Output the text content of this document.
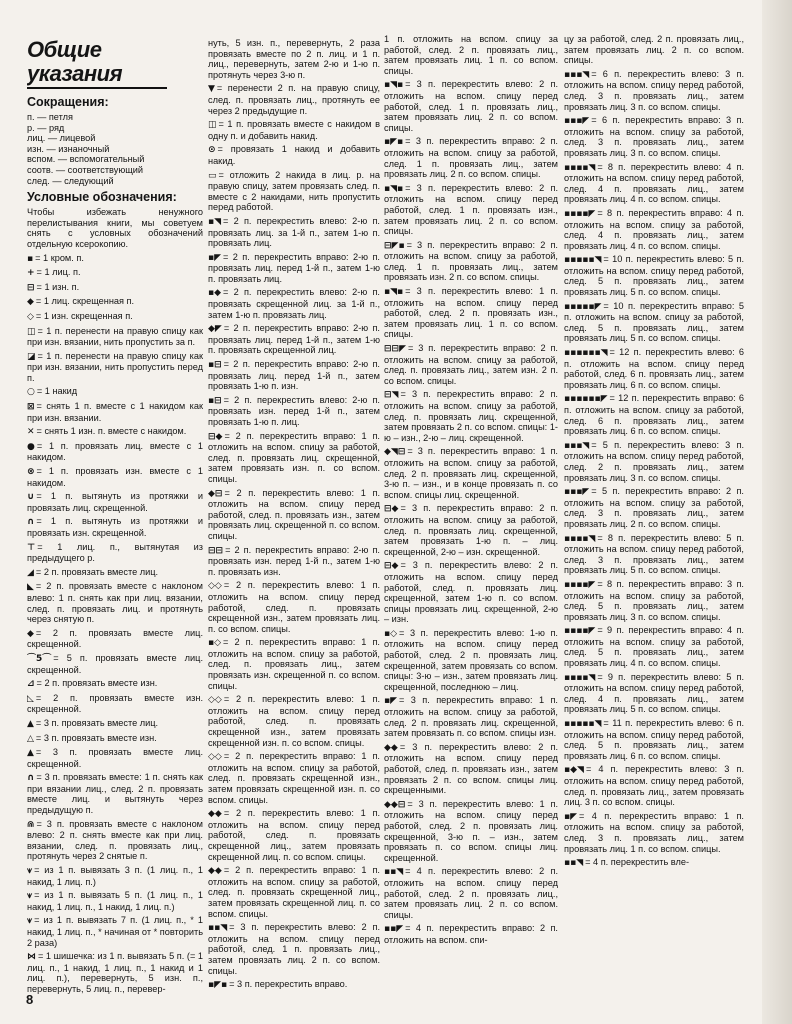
Общие указания
Сокращения:
п. — петля
р. — ряд
лиц. — лицевой
изн. — изнаночный
вспом. — вспомогательный
соотв. — соответствующий
след. — следующий
Условные обозначения:
Чтобы избежать ненужного перелистывания книги, мы советуем снять с условных обозначений отдельную ксерокопию.
▪ = 1 кром. п.
+ = 1 лиц. п.
⊟ = 1 изн. п.
◆ = 1 лиц. скрещенная п.
◇ = 1 изн. скрещенная п.
◫ = 1 п. перенести на правую спицу как при изн. вязании, нить пропустить за п.
◪ = 1 п. перенести на правую спицу как при изн. вязании, нить пропустить перед п.
○ = 1 накид
⊠ = снять 1 п. вместе с 1 накидом как при изн. вязании.
✕ = снять 1 изн. п. вместе с накидом.
● = 1 п. провязать лиц. вместе с 1 накидом.
⊗ = 1 п. провязать изн. вместе с 1 накидом.
∪ = 1 п. вытянуть из протяжки и провязать лиц. скрещенной.
∩ = 1 п. вытянуть из протяжки и провязать изн. скрещенной.
⊤ = 1 лиц. п., вытянутая из предыдущего р.
◢ = 2 п. провязать вместе лиц.
◣ = 2 п. провязать вместе с наклоном влево: 1 п. снять как при лиц. вязании, след. п. провязать лиц. и протянуть через снятую п.
◆ = 2 п. провязать вместе лиц. скрещенной.
⌒5⌒ = 5 п. провязать вместе лиц. скрещенной.
⊿ = 2 п. провязать вместе изн.
◺ = 2 п. провязать вместе изн. скрещенной.
▲ = 3 п. провязать вместе лиц.
△ = 3 п. провязать вместе изн.
▲ = 3 п. провязать вместе лиц. скрещенной.
∩ = 3 п. провязать вместе: 1 п. снять как при вязании лиц., след. 2 п. провязать вместе лиц. и вытянуть через предыдущую п.
⋒ = 3 п. провязать вместе с наклоном влево: 2 п. снять вместе как при лиц. вязании, след. п. провязать лиц., протянуть через 2 снятые п.
⩛ = из 1 п. вывязать 3 п. (1 лиц. п., 1 накид, 1 лиц. п.)
⩛ = из 1 п. вывязать 5 п. (1 лиц. п., 1 накид, 1 лиц. п., 1 накид, 1 лиц. п.)
⩛ = из 1 п. вывязать 7 п. (1 лиц. п., * 1 накид, 1 лиц. п., * начиная от * повторить 2 раза)
⋈ = 1 шишечка: из 1 п. вывязать 5 п. (= 1 лиц. п., 1 накид, 1 лиц. п., 1 накид и 1 лиц. п.), перевернуть, 5 изн. п., перевернуть, 5 лиц. п., перевер-
нуть, 5 изн. п., перевернуть, 2 раза провязать вместе по 2 п. лиц. и 1 п. лиц., перевернуть, затем 2-ю и 1-ю п. протянуть через 3-ю п.
▼ = перенести 2 п. на правую спицу, след. п. провязать лиц., протянуть ее через 2 предыдущие п.
◫ = 1 п. провязать вместе с накидом в одну п. и добавить накид.
⊙ = провязать 1 накид и добавить накид.
▭ = отложить 2 накида в лиц. р. на правую спицу, затем провязать след. п. вместе с 2 накидами, нить пропустить перед работой.
▪◥ = 2 п. перекрестить влево: 2-ю п. провязать лиц. за 1-й п., затем 1-ю п. провязать лиц.
▪◤ = 2 п. перекрестить вправо: 2-ю п. провязать лиц. перед 1-й п., затем 1-ю п. провязать лиц.
▪◆ = 2 п. перекрестить влево: 2-ю п. провязать скрещенной лиц. за 1-й п., затем 1-ю п. провязать лиц.
◆◤ = 2 п. перекрестить вправо: 2-ю п. провязать лиц. перед 1-й п., затем 1-ю п. провязать скрещенной лиц.
▪⊟ = 2 п. перекрестить вправо: 2-ю п. провязать лиц. перед 1-й п., затем провязать 1-ю п. изн.
▪⊟ = 2 п. перекрестить влево: 2-ю п. провязать изн. перед 1-й п., затем провязать 1-ю п. лиц.
⊟◆ = 2 п. перекрестить вправо: 1 п. отложить на вспом. спицу за работой, след. п. провязать лиц. скрещенной, затем провязать изн. п. со вспом. спицы.
◆⊟ = 2 п. перекрестить влево: 1 п. отложить на вспом. спицу перед работой, след. п. провязать изн., затем провязать лиц. скрещенной п. со вспом. спицы.
⊟⊟ = 2 п. перекрестить вправо: 2-ю п. провязать изн. перед 1-й п., затем 1-ю п. провязать изн.
◇◇ = 2 п. перекрестить влево: 1 п. отложить на вспом. спицу перед работой, след. п. провязать скрещенной изн., затем провязать лиц. п. со вспом. спицы.
▪◇ = 2 п. перекрестить вправо: 1 п. отложить на вспом. спицу за работой, след. п. провязать лиц., затем провязать изн. скрещенной п. со вспом. спицы.
◇◇ = 2 п. перекрестить влево: 1 п. отложить на вспом. спицу перед работой, след. п. провязать скрещенной изн., затем провязать скрещенной изн. п. со вспом. спицы.
◇◇ = 2 п. перекрестить вправо: 1 п. отложить на вспом. спицу за работой, след. п. провязать скрещенной изн., затем провязать скрещенной изн. п. со вспом. спицы.
◆◆ = 2 п. перекрестить влево: 1 п. отложить на вспом. спицу перед работой, след. п. провязать скрещенной лиц., затем провязать скрещенной лиц. п. со вспом. спицы.
◆◆ = 2 п. перекрестить вправо: 1 п. отложить на вспом. спицу за работой, след. п. провязать скрещенной лиц., затем провязать скрещенной лиц. п. со вспом. спицы.
▪▪◥ = 3 п. перекрестить влево: 2 п. отложить на вспом. спицу перед работой, след. 1 п. провязать лиц., затем провязать лиц. 2 п. со вспом. спицы.
▪◤▪ = 3 п. перекрестить вправо.
1 п. отложить на вспом. спицу за работой, след. 2 п. провязать лиц., затем провязать лиц. 1 п. со вспом. спицы.
▪◥▪ = 3 п. перекрестить влево: 2 п. отложить на вспом. спицу перед работой, след. 1 п. провязать лиц., затем провязать лиц. 2 п. со вспом. спицы.
▪◤▪ = 3 п. перекрестить вправо: 2 п. отложить на вспом. спицу за работой, след. 1 п. провязать лиц., затем провязать лиц. 2 п. со вспом. спицы.
▪◥▪ = 3 п. перекрестить влево: 2 п. отложить на вспом. спицу перед работой, след. 1 п. провязать изн., затем провязать лиц. 2 п. со вспом. спицы.
⊟◤▪ = 3 п. перекрестить вправо: 2 п. отложить на вспом. спицу за работой, след. 1 п. провязать лиц., затем провязать изн. 2 п. со вспом. спицы.
▪◥▪ = 3 п. перекрестить влево: 1 п. отложить на вспом. спицу перед работой, след. 2 п. провязать изн., затем провязать лиц. 1 п. со вспом. спицы.
⊟⊟◤ = 3 п. перекрестить вправо: 2 п. отложить на вспом. спицу за работой, след. п. провязать лиц., затем изн. 2 п. со вспом. спицы.
⊟◥ = 3 п. перекрестить вправо: 2 п. отложить на вспом. спицу за работой, след. п. провязать лиц. скрещенной, затем провязать 2 п. со вспом. спицы: 1-ю – изн., 2-ю – лиц. скрещенной.
◆◥⊟ = 3 п. перекрестить вправо: 1 п. отложить на вспом. спицу за работой, след. 2 п. провязать лиц. скрещенной, 3-ю п. – изн., и в конце провязать п. со вспом. спицы лиц. скрещенной.
⊟◆ = 3 п. перекрестить вправо: 2 п. отложить на вспом. спицу за работой, след. п. провязать лиц. скрещенной, затем провязать 1-ю п. – лиц. скрещенной, 2-ю – изн. скрещенной.
⊟◆ = 3 п. перекрестить влево: 2 п. отложить на вспом. спицу перед работой, след. п. провязать лиц. скрещенной, затем 1-ю п. со вспом. спицы провязать лиц. скрещенной, 2-ю – изн.
▪◇ = 3 п. перекрестить влево: 1-ю п. отложить на вспом. спицу перед работой, след. 2 п. провязать лиц. скрещенной, затем провязать со вспом. спицы: 3-ю – изн., затем провязать лиц. скрещенной, последнюю – лиц.
▪◤ = 3 п. перекрестить вправо: 1 п. отложить на вспом. спицу за работой, след. 2 п. провязать лиц. скрещенной, затем провязать п. со вспом. спицы изн.
◆◆ = 3 п. перекрестить влево: 2 п. отложить на вспом. спицу перед работой, след. п. провязать изн., затем провязать 2 п. со вспом. спицы лиц. скрещенными.
◆◆⊟ = 3 п. перекрестить влево: 1 п. отложить на вспом. спицу перед работой, след. 2 п. провязать лиц. скрещенной, 3-ю п. – изн., затем провязать п. со вспом. спицы лиц. скрещенной.
▪▪◥ = 4 п. перекрестить влево: 2 п. отложить на вспом. спицу перед работой, след. 2 п. провязать лиц., затем провязать лиц. 2 п. со вспом. спицы.
▪▪◤ = 4 п. перекрестить вправо: 2 п. отложить на вспом. спи-
цу за работой, след. 2 п. провязать лиц., затем провязать лиц. 2 п. со вспом. спицы.
▪▪▪◥ = 6 п. перекрестить влево: 3 п. отложить на вспом. спицу перед работой, след. 3 п. провязать лиц., затем провязать лиц. 3 п. со вспом. спицы.
▪▪▪◤ = 6 п. перекрестить вправо: 3 п. отложить на вспом. спицу за работой, след. 3 п. провязать лиц., затем провязать лиц. 3 п. со вспом. спицы.
▪▪▪▪◥ = 8 п. перекрестить влево: 4 п. отложить на вспом. спицу перед работой, след. 4 п. провязать лиц., затем провязать лиц. 4 п. со вспом. спицы.
▪▪▪▪◤ = 8 п. перекрестить вправо: 4 п. отложить на вспом. спицу за работой, след. 4 п. провязать лиц., затем провязать лиц. 4 п. со вспом. спицы.
▪▪▪▪▪◥ = 10 п. перекрестить влево: 5 п. отложить на вспом. спицу перед работой, след. 5 п. провязать лиц., затем провязать лиц. 5 п. со вспом. спицы.
▪▪▪▪▪◤ = 10 п. перекрестить вправо: 5 п. отложить на вспом. спицу за работой, след. 5 п. провязать лиц., затем провязать лиц. 5 п. со вспом. спицы.
▪▪▪▪▪▪◥ = 12 п. перекрестить влево: 6 п. отложить на вспом. спицу перед работой, след. 6 п. провязать лиц., затем провязать лиц. 6 п. со вспом. спицы.
▪▪▪▪▪▪◤ = 12 п. перекрестить вправо: 6 п. отложить на вспом. спицу за работой, след. 6 п. провязать лиц., затем провязать лиц. 6 п. со вспом. спицы.
▪▪▪◥ = 5 п. перекрестить влево: 3 п. отложить на вспом. спицу перед работой, след. 2 п. провязать лиц., затем провязать лиц. 3 п. со вспом. спицы.
▪▪▪◤ = 5 п. перекрестить вправо: 2 п. отложить на вспом. спицу за работой, след. 3 п. провязать лиц., затем провязать лиц. 2 п. со вспом. спицы.
▪▪▪▪◥ = 8 п. перекрестить влево: 5 п. отложить на вспом. спицу перед работой, след. 3 п. провязать лиц., затем провязать лиц. 5 п. со вспом. спицы.
▪▪▪▪◤ = 8 п. перекрестить вправо: 3 п. отложить на вспом. спицу за работой, след. 5 п. провязать лиц., затем провязать лиц. 3 п. со вспом. спицы.
▪▪▪▪◤ = 9 п. перекрестить вправо: 4 п. отложить на вспом. спицу за работой, след. 5 п. провязать лиц., затем провязать лиц. 4 п. со вспом. спицы.
▪▪▪▪◥ = 9 п. перекрестить влево: 5 п. отложить на вспом. спицу перед работой, след. 4 п. провязать лиц., затем провязать лиц. 5 п. со вспом. спицы.
▪▪▪▪▪◥ = 11 п. перекрестить влево: 6 п. отложить на вспом. спицу перед работой, след. 5 п. провязать лиц., затем провязать лиц. 6 п. со вспом. спицы.
▪◆◥ = 4 п. перекрестить влево: 3 п. отложить на вспом. спицу перед работой, след. п. провязать лиц., затем провязать лиц. 3 п. со вспом. спицы.
▪◤ = 4 п. перекрестить вправо: 1 п. отложить на вспом. спицу за работой, след. 3 п. провязать лиц., затем провязать лиц. 1 п. со вспом. спицы.
▪▪◥ = 4 п. перекрестить вле-
8
